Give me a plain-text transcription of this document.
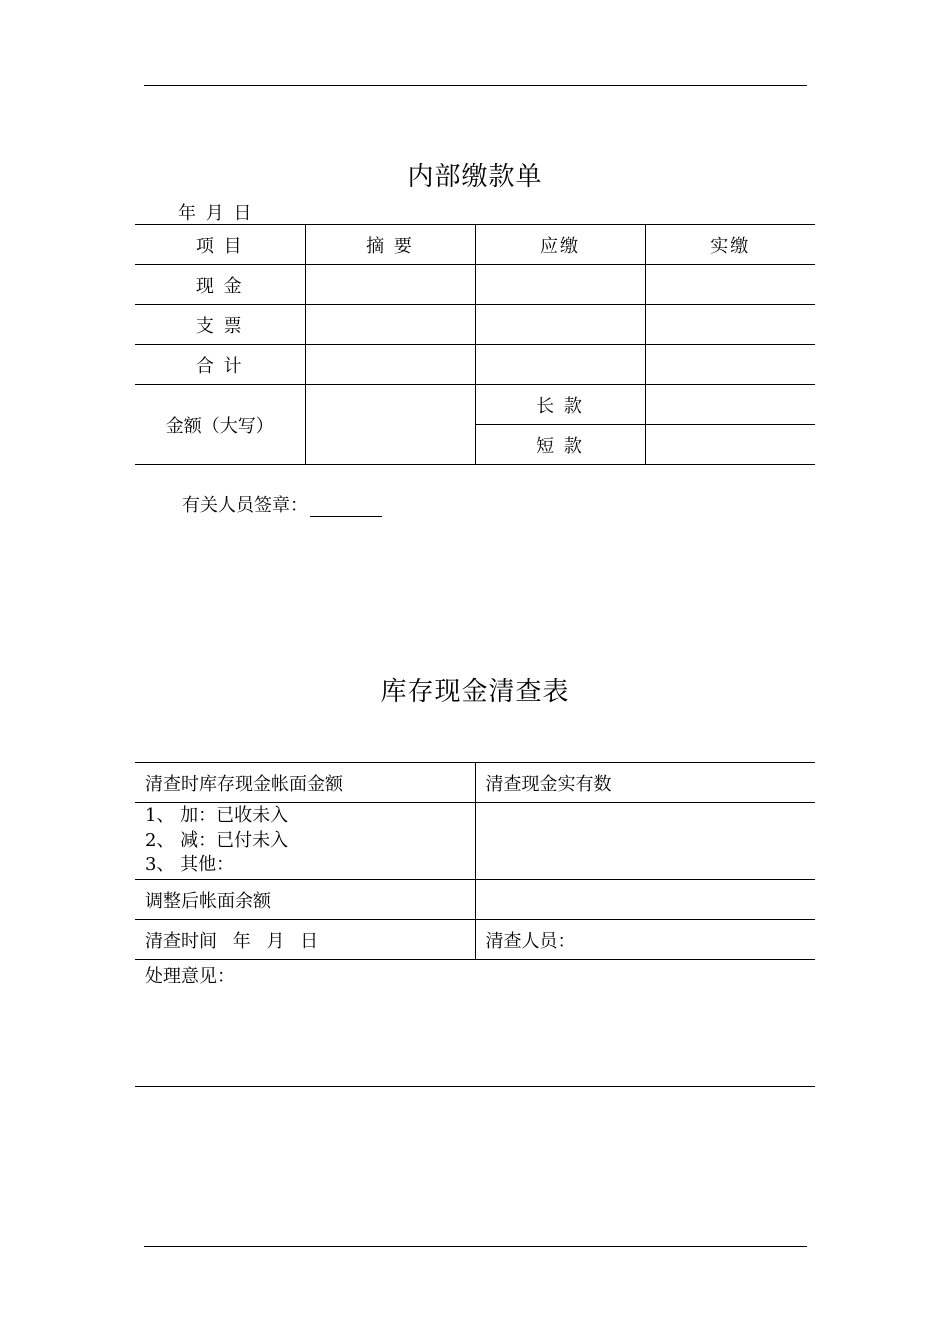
内部缴款单
年 月 日
项 目	摘 要	应缴	实缴
现 金			
支 票			
合 计			
金额（大写）		长 款	
		短 款	
有关人员签章：
库存现金清查表
清查时库存现金帐面金额	清查现金实有数

1、 加：已收未入
2、 减：已付未入
3、 其他：	

调整后帐面余额	
清查时间 年 月 日	清查人员：
处理意见：	
